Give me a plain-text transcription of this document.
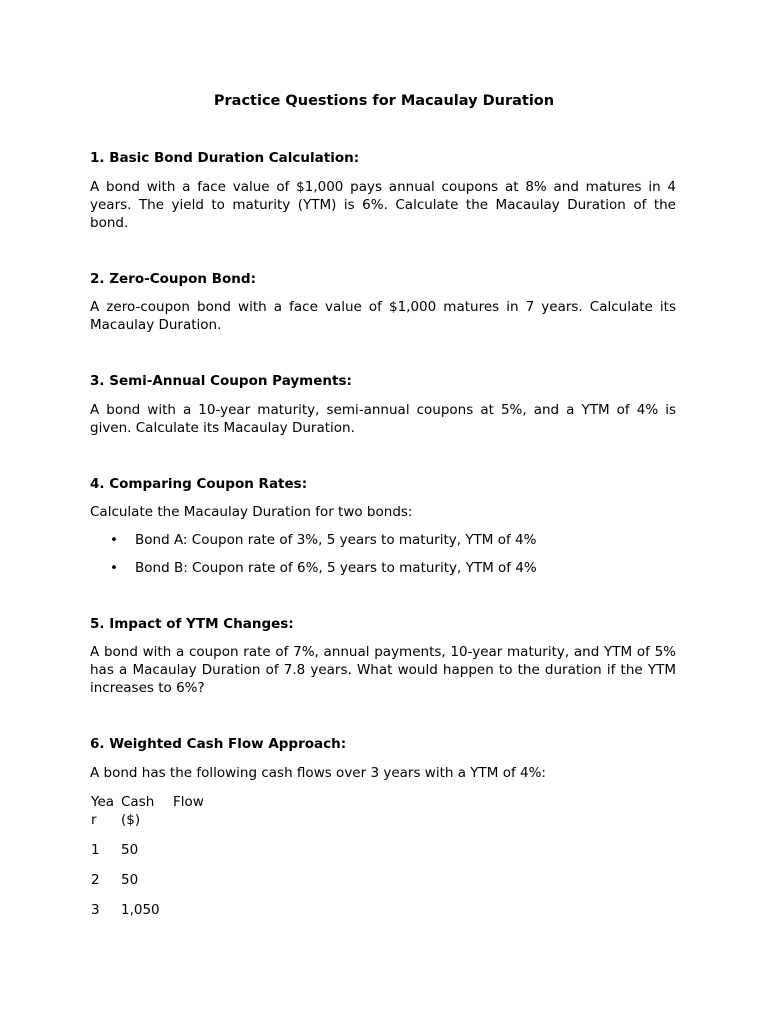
Practice Questions for Macaulay Duration
1. Basic Bond Duration Calculation:
A bond with a face value of $1,000 pays annual coupons at 8% and matures in 4 years. The yield to maturity (YTM) is 6%. Calculate the Macaulay Duration of the bond.
2. Zero-Coupon Bond:
A zero-coupon bond with a face value of $1,000 matures in 7 years. Calculate its Macaulay Duration.
3. Semi-Annual Coupon Payments:
A bond with a 10-year maturity, semi-annual coupons at 5%, and a YTM of 4% is given. Calculate its Macaulay Duration.
4. Comparing Coupon Rates:
Calculate the Macaulay Duration for two bonds:
• Bond A: Coupon rate of 3%, 5 years to maturity, YTM of 4%
• Bond B: Coupon rate of 6%, 5 years to maturity, YTM of 4%
5. Impact of YTM Changes:
A bond with a coupon rate of 7%, annual payments, 10-year maturity, and YTM of 5% has a Macaulay Duration of 7.8 years. What would happen to the duration if the YTM increases to 6%?
6. Weighted Cash Flow Approach:
A bond has the following cash flows over 3 years with a YTM of 4%:
Yea
r
Cash
($)
Flow
1 50
2 50
3 1,050
